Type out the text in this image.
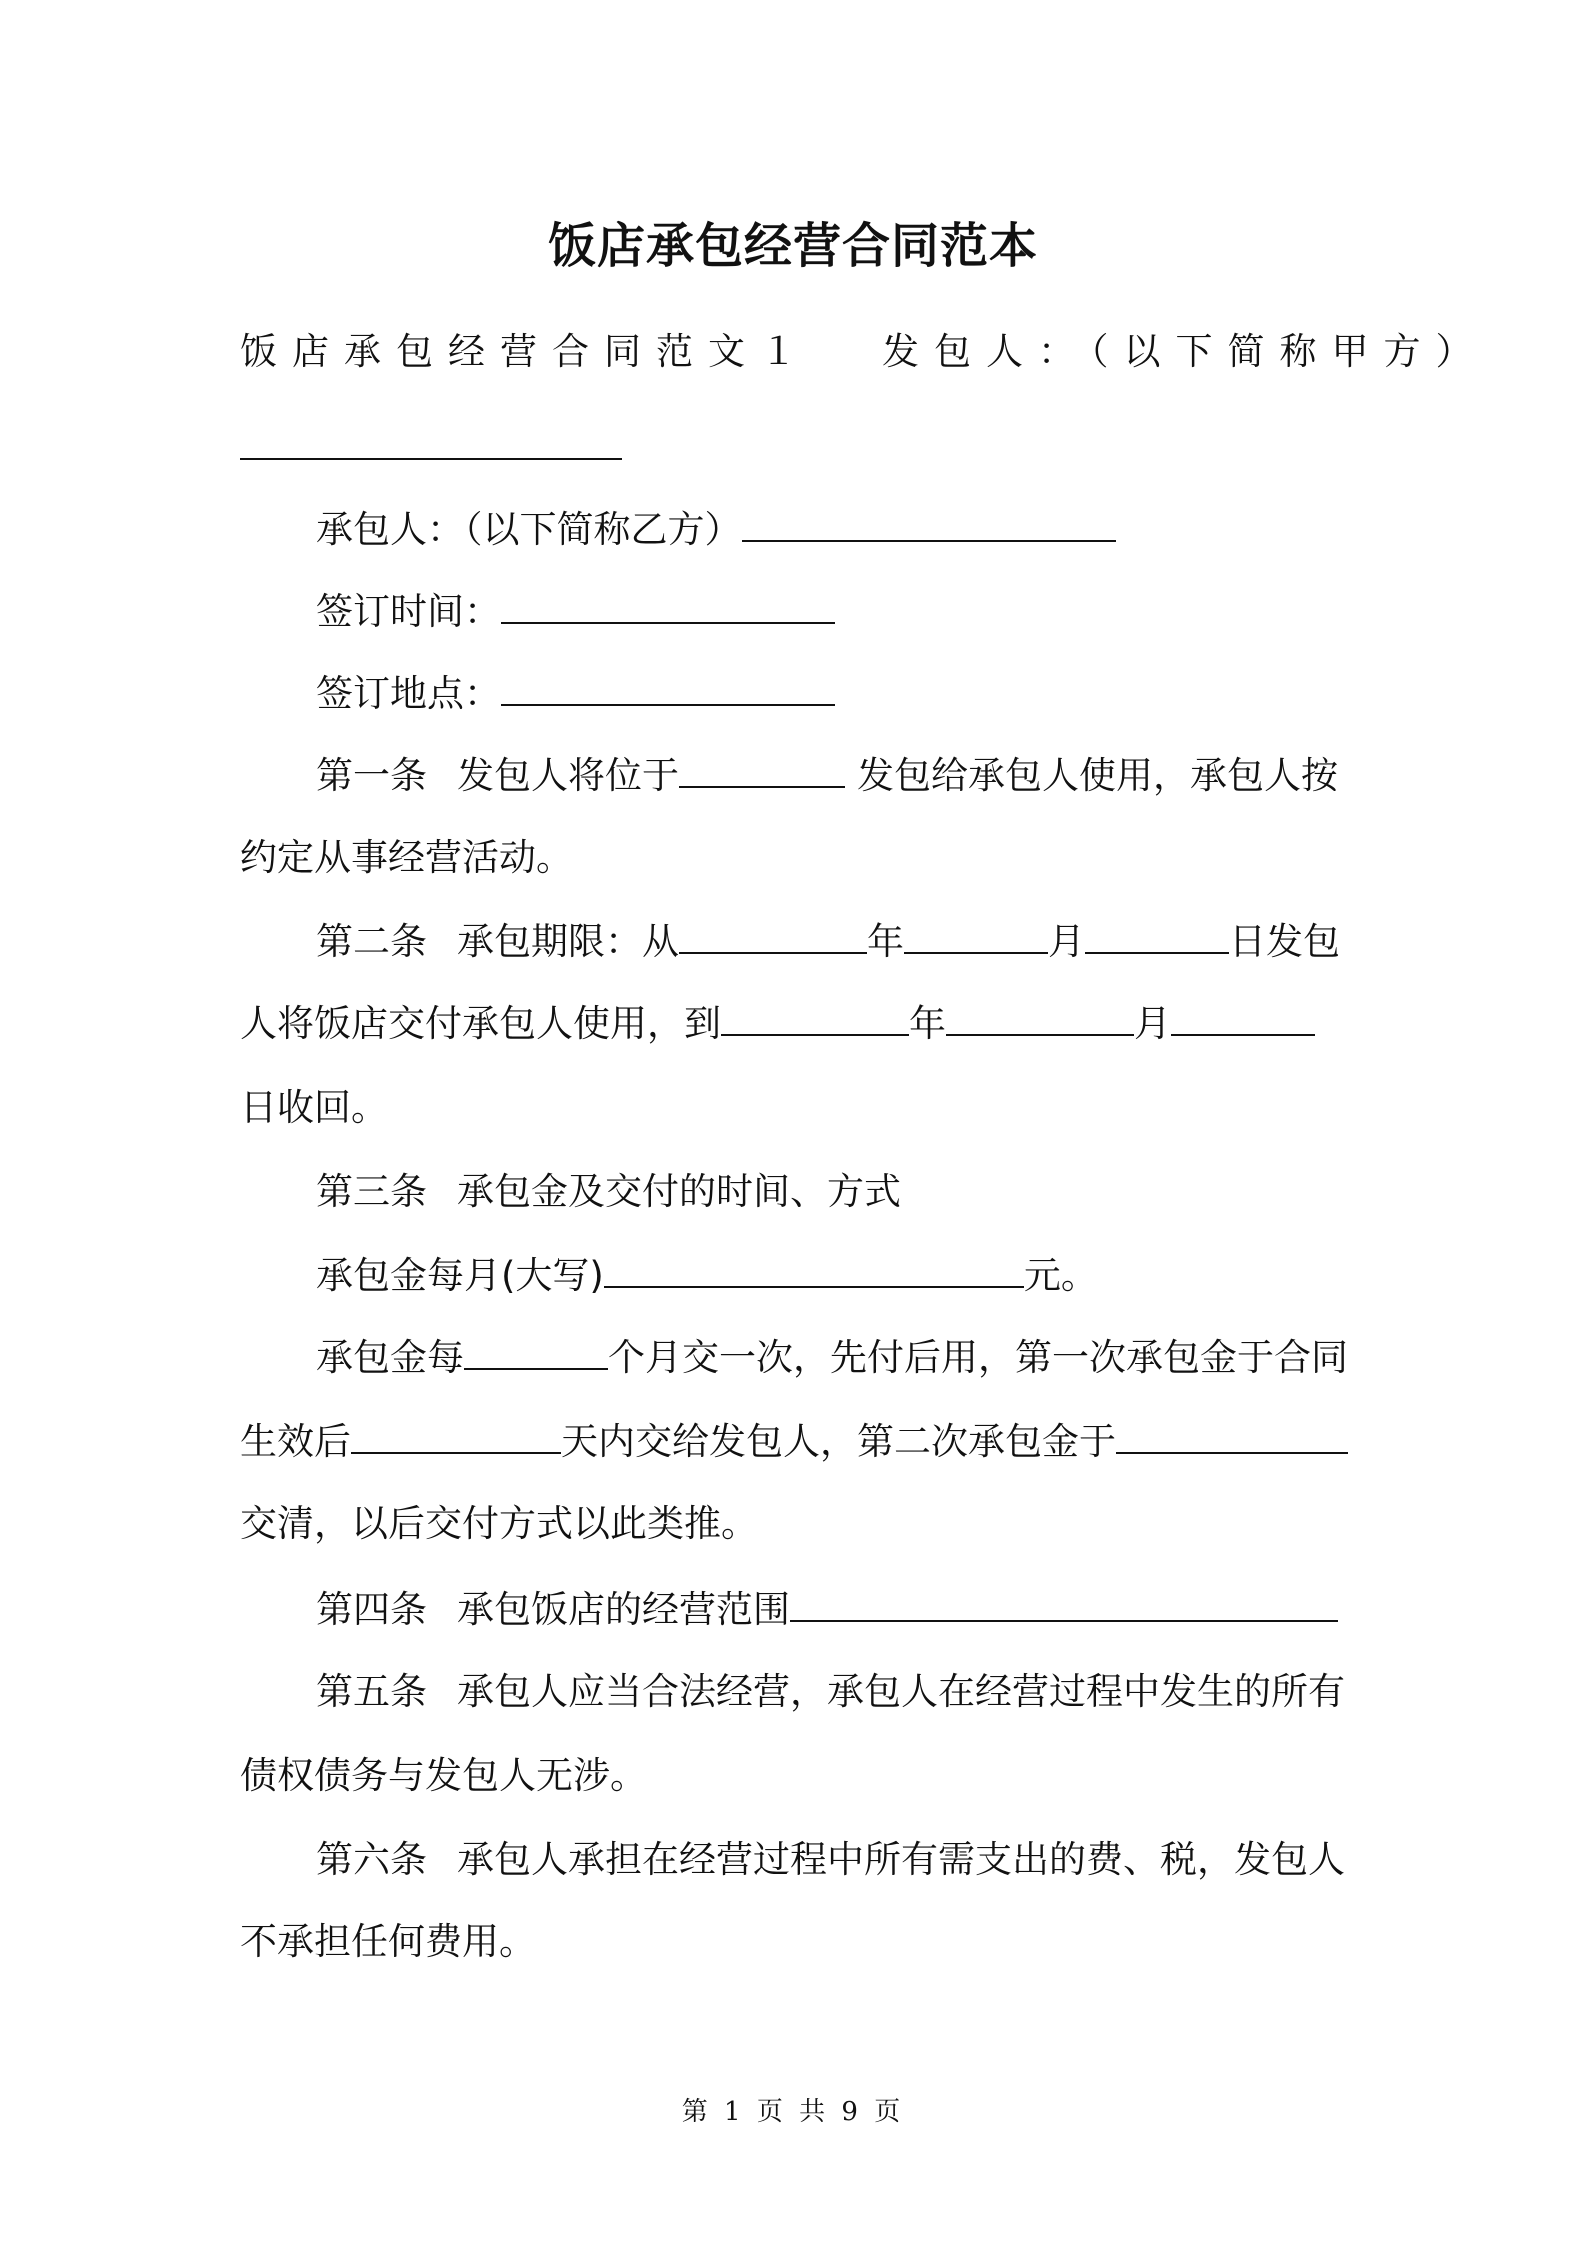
饭店承包经营合同范本
饭店承包经营合同范文１ 发包人：（以下简称甲方）
承包人：（以下简称乙方）
签订时间：
签订地点：
第一条 发包人将位于	发包给承包人使用，承包人按
约定从事经营活动。
第二条 承包期限：从	年	月	日发包
人将饭店交付承包人使用，到	年	月
日收回。
第三条 承包金及交付的时间、方式
承包金每月(大写)	元。
承包金每	个月交一次，先付后用，第一次承包金于合同
生效后	天内交给发包人，第二次承包金于
交清，以后交付方式以此类推。
第四条 承包饭店的经营范围
第五条 承包人应当合法经营，承包人在经营过程中发生的所有
债权债务与发包人无涉。
第六条 承包人承担在经营过程中所有需支出的费、税，发包人
不承担任何费用。
第 1 页 共 9 页
